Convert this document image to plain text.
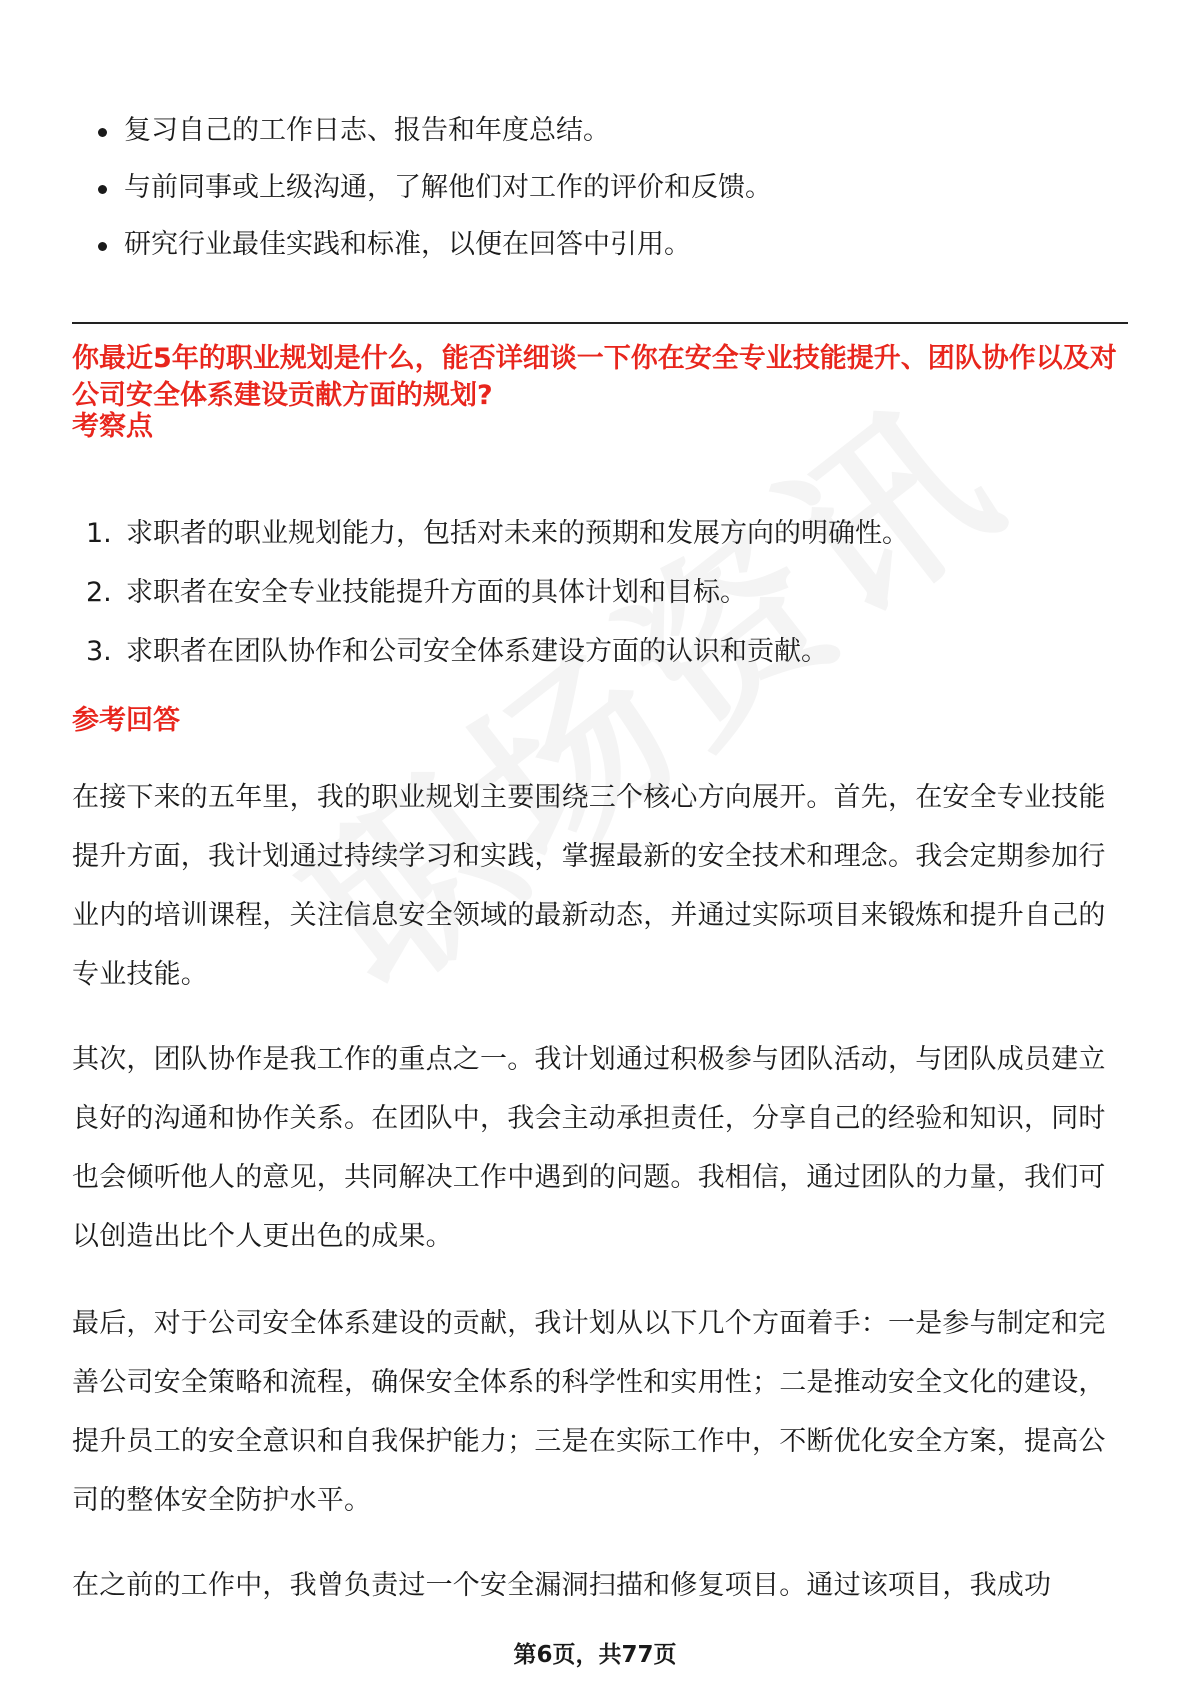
复习自己的工作日志、报告和年度总结。
与前同事或上级沟通，了解他们对工作的评价和反馈。
研究行业最佳实践和标准，以便在回答中引用。
你最近5年的职业规划是什么，能否详细谈一下你在安全专业技能提升、团队协作以及对公司安全体系建设贡献方面的规划?
考察点
1. 求职者的职业规划能力，包括对未来的预期和发展方向的明确性。
2. 求职者在安全专业技能提升方面的具体计划和目标。
3. 求职者在团队协作和公司安全体系建设方面的认识和贡献。
参考回答

在接下来的五年里，我的职业规划主要围绕三个核心方向展开。首先，在安全专业技能提升方面，我计划通过持续学习和实践，掌握最新的安全技术和理念。我会定期参加行业内的培训课程，关注信息安全领域的最新动态，并通过实际项目来锻炼和提升自己的专业技能。

其次，团队协作是我工作的重点之一。我计划通过积极参与团队活动，与团队成员建立良好的沟通和协作关系。在团队中，我会主动承担责任，分享自己的经验和知识，同时也会倾听他人的意见，共同解决工作中遇到的问题。我相信，通过团队的力量，我们可以创造出比个人更出色的成果。

最后，对于公司安全体系建设的贡献，我计划从以下几个方面着手：一是参与制定和完善公司安全策略和流程，确保安全体系的科学性和实用性；二是推动安全文化的建设，提升员工的安全意识和自我保护能力；三是在实际工作中，不断优化安全方案，提高公司的整体安全防护水平。

在之前的工作中，我曾负责过一个安全漏洞扫描和修复项目。通过该项目，我成功

第6页，共77页
